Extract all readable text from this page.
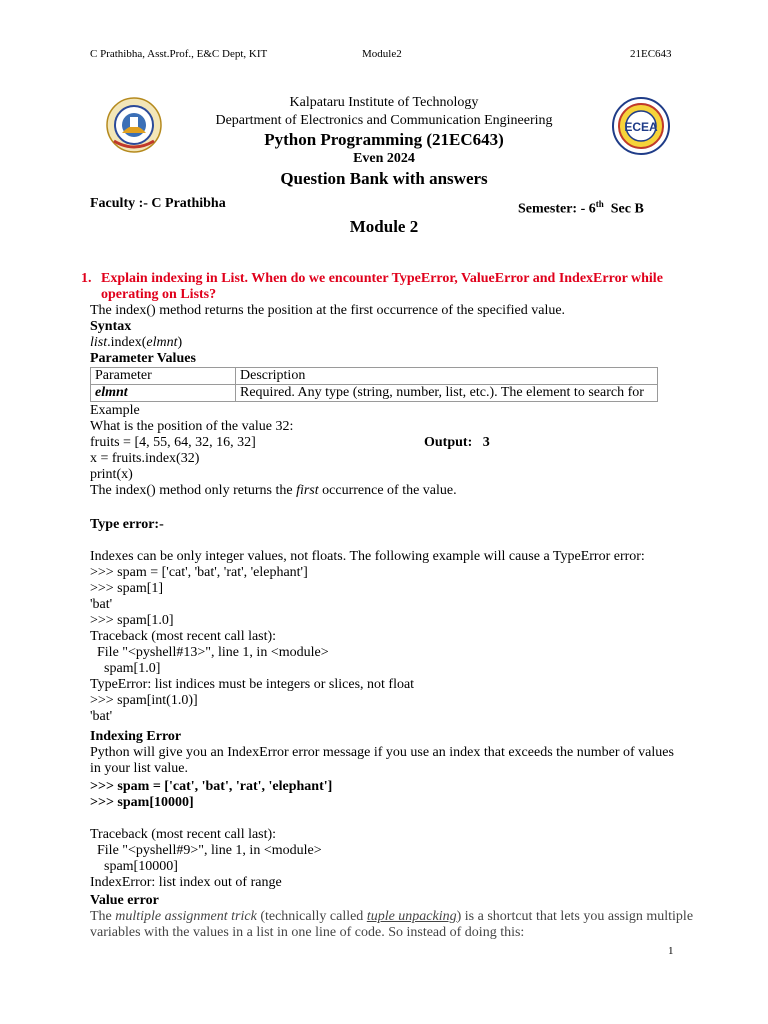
C Prathibha, Asst.Prof., E&C Dept, KIT	Module2	21EC643
ECEA
Kalpataru Institute of Technology
Department of Electronics and Communication Engineering
Python Programming (21EC643)
Even 2024
Question Bank with answers
Faculty :- C Prathibha	Semester: - 6th  Sec B
Module 2
1. Explain indexing in List. When do we encounter TypeError, ValueError and IndexError while
operating on Lists?
The index() method returns the position at the first occurrence of the specified value.
Syntax
list.index(elmnt)
Parameter Values
Parameter	Description
elmnt	Required. Any type (string, number, list, etc.). The element to search for
Example
What is the position of the value 32:
fruits = [4, 55, 64, 32, 16, 32]	Output:   3
x = fruits.index(32)
print(x)
The index() method only returns the first occurrence of the value.
Type error:-

Indexes can be only integer values, not floats. The following example will cause a TypeError error:
>>> spam = ['cat', 'bat', 'rat', 'elephant']
>>> spam[1]
'bat'
>>> spam[1.0]
Traceback (most recent call last):
File "<pyshell#13>", line 1, in <module>
spam[1.0]
TypeError: list indices must be integers or slices, not float
>>> spam[int(1.0)]
'bat'

Indexing Error
Python will give you an IndexError error message if you use an index that exceeds the number of values
in your list value.
>>> spam = ['cat', 'bat', 'rat', 'elephant']
>>> spam[10000]

Traceback (most recent call last):
File "<pyshell#9>", line 1, in <module>
spam[10000]
IndexError: list index out of range

Value error
The multiple assignment trick (technically called tuple unpacking) is a shortcut that lets you assign multiple
variables with the values in a list in one line of code. So instead of doing this:
1
